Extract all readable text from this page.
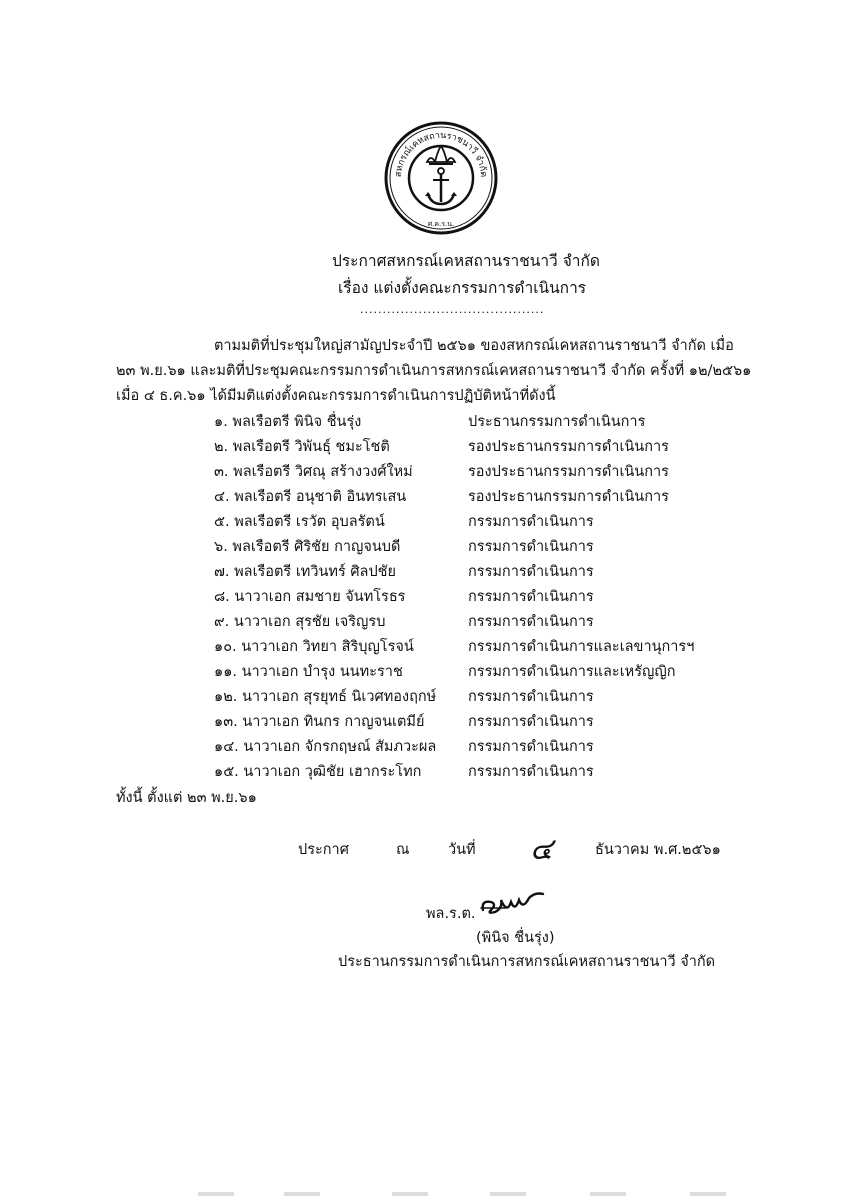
สหกรณ์เคหสถานราชนาวี จำกัด
ศ.ค.ร.น.
ประกาศสหกรณ์เคหสถานราชนาวี จำกัด
เรื่อง แต่งตั้งคณะกรรมการดำเนินการ
.........................................
ตามมติที่ประชุมใหญ่สามัญประจำปี ๒๕๖๑ ของสหกรณ์เคหสถานราชนาวี จำกัด เมื่อ
๒๓ พ.ย.๖๑ และมติที่ประชุมคณะกรรมการดำเนินการสหกรณ์เคหสถานราชนาวี จำกัด ครั้งที่ ๑๒/๒๕๖๑
เมื่อ ๔ ธ.ค.๖๑ ได้มีมติแต่งตั้งคณะกรรมการดำเนินการปฏิบัติหน้าที่ดังนี้
๑. พลเรือตรี พินิจ ชื่นรุ่ง	ประธานกรรมการดำเนินการ
๒. พลเรือตรี วิพันธุ์ ชมะโชติ	รองประธานกรรมการดำเนินการ
๓. พลเรือตรี วิศณุ สร้างวงศ์ใหม่	รองประธานกรรมการดำเนินการ
๔. พลเรือตรี อนุชาติ อินทรเสน	รองประธานกรรมการดำเนินการ
๕. พลเรือตรี เรวัต อุบลรัตน์	กรรมการดำเนินการ
๖. พลเรือตรี ศิริชัย กาญจนบดี	กรรมการดำเนินการ
๗. พลเรือตรี เทวินทร์ ศิลปชัย	กรรมการดำเนินการ
๘. นาวาเอก สมชาย จันทโรธร	กรรมการดำเนินการ
๙. นาวาเอก สุรชัย เจริญรบ	กรรมการดำเนินการ
๑๐. นาวาเอก วิทยา สิริบุญโรจน์	กรรมการดำเนินการและเลขานุการฯ
๑๑. นาวาเอก บำรุง นนทะราช	กรรมการดำเนินการและเหรัญญิก
๑๒. นาวาเอก สุรยุทธ์ นิเวศทองฤกษ์ กรรมการดำเนินการ
๑๓. นาวาเอก ทินกร กาญจนเตมีย์	กรรมการดำเนินการ
๑๔. นาวาเอก จักรกฤษณ์ สัมภวะผล กรรมการดำเนินการ
๑๕. นาวาเอก วุฒิชัย เฮากระโทก	กรรมการดำเนินการ
ทั้งนี้ ตั้งแต่ ๒๓ พ.ย.๖๑
ประกาศ	ณ	วันที่ ๔	ธันวาคม พ.ศ.๒๕๖๑
พล.ร.ต.
(พินิจ ชื่นรุ่ง)
ประธานกรรมการดำเนินการสหกรณ์เคหสถานราชนาวี จำกัด
